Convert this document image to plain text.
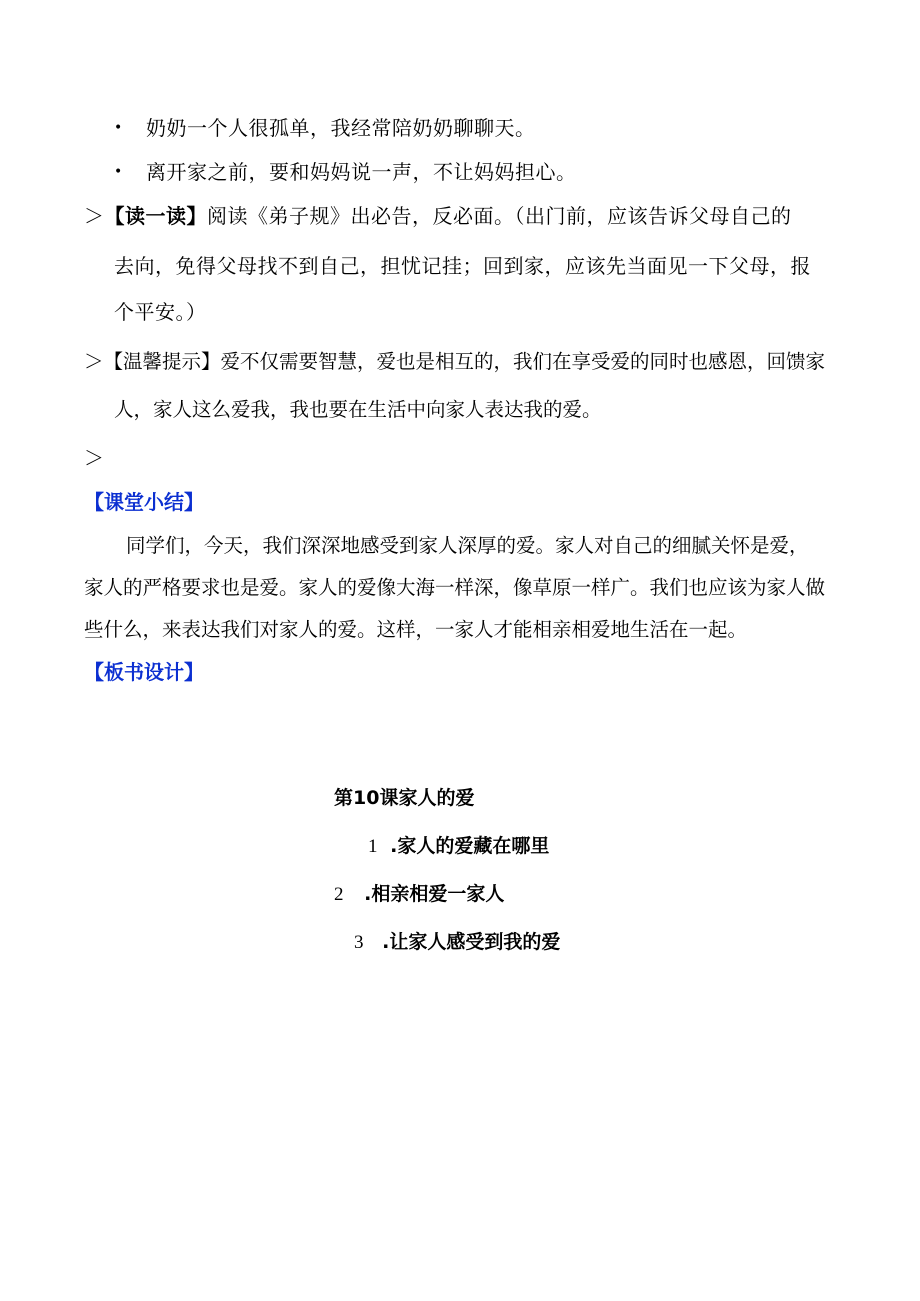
• 奶奶一个人很孤单，我经常陪奶奶聊聊天。
• 离开家之前，要和妈妈说一声，不让妈妈担心。
＞【读一读】阅读《弟子规》出必告，反必面。（出门前，应该告诉父母自己的
去向，免得父母找不到自己，担忧记挂；回到家，应该先当面见一下父母，报
个平安。）
＞【温馨提示】爱不仅需要智慧，爱也是相互的，我们在享受爱的同时也感恩，回馈家
人，家人这么爱我，我也要在生活中向家人表达我的爱。
＞
【课堂小结】
同学们，今天，我们深深地感受到家人深厚的爱。家人对自己的细腻关怀是爱，
家人的严格要求也是爱。家人的爱像大海一样深，像草原一样广。我们也应该为家人做
些什么，来表达我们对家人的爱。这样，一家人才能相亲相爱地生活在一起。
【板书设计】
第10课家人的爱
1 .家人的爱藏在哪里
2 .相亲相爱一家人
3 .让家人感受到我的爱
